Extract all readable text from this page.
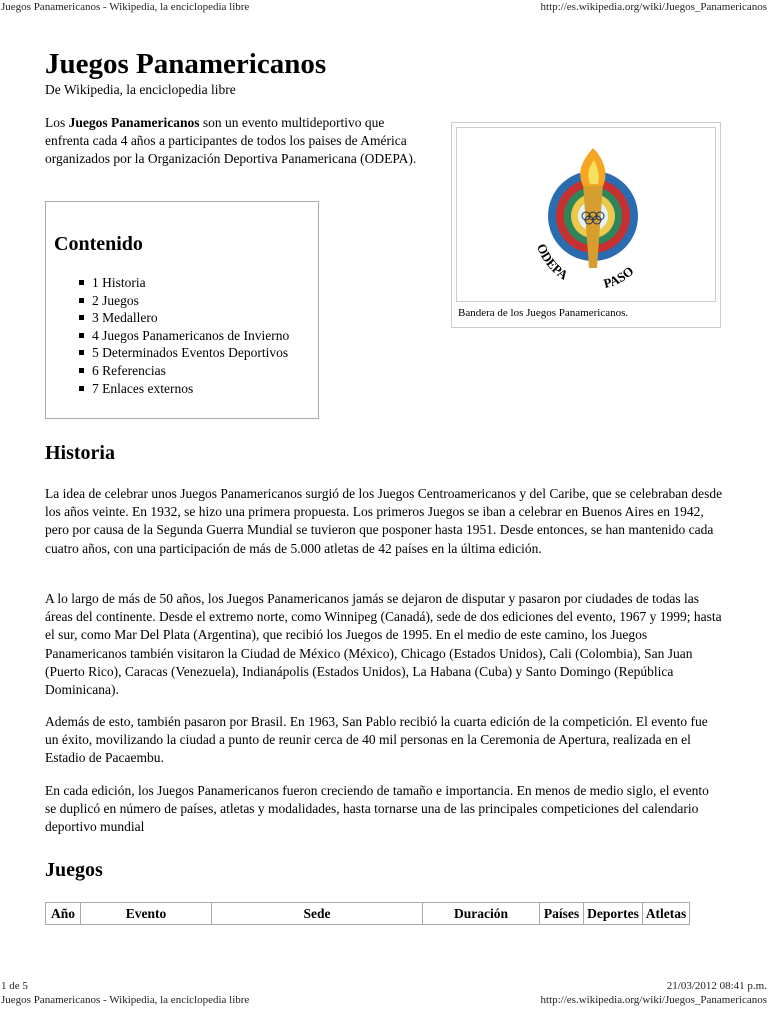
Juegos Panamericanos - Wikipedia, la enciclopedia libre	http://es.wikipedia.org/wiki/Juegos_Panamericanos
Juegos Panamericanos
De Wikipedia, la enciclopedia libre

Los Juegos Panamericanos son un evento multideportivo que enfrenta cada 4 años a participantes de todos los paises de América organizados por la Organización Deportiva Panamericana (ODEPA).

ODEPA
PASO
Bandera de los Juegos Panamericanos.
Contenido
1 Historia
2 Juegos
3 Medallero
4 Juegos Panamericanos de Invierno
5 Determinados Eventos Deportivos
6 Referencias
7 Enlaces externos
Historia

La idea de celebrar unos Juegos Panamericanos surgió de los Juegos Centroamericanos y del Caribe, que se celebraban desde los años veinte. En 1932, se hizo una primera propuesta. Los primeros Juegos se iban a celebrar en Buenos Aires en 1942, pero por causa de la Segunda Guerra Mundial se tuvieron que posponer hasta 1951. Desde entonces, se han mantenido cada cuatro años, con una participación de más de 5.000 atletas de 42 países en la última edición.

A lo largo de más de 50 años, los Juegos Panamericanos jamás se dejaron de disputar y pasaron por ciudades de todas las áreas del continente. Desde el extremo norte, como Winnipeg (Canadá), sede de dos ediciones del evento, 1967 y 1999; hasta el sur, como Mar Del Plata (Argentina), que recibió los Juegos de 1995. En el medio de este camino, los Juegos Panamericanos también visitaron la Ciudad de México (México), Chicago (Estados Unidos), Cali (Colombia), San Juan (Puerto Rico), Caracas (Venezuela), Indianápolis (Estados Unidos), La Habana (Cuba) y Santo Domingo (República Dominicana).

Además de esto, también pasaron por Brasil. En 1963, San Pablo recibió la cuarta edición de la competición. El evento fue un éxito, movilizando la ciudad a punto de reunir cerca de 40 mil personas en la Ceremonia de Apertura, realizada en el Estadio de Pacaembu.

En cada edición, los Juegos Panamericanos fueron creciendo de tamaño e importancia. En menos de medio siglo, el evento se duplicó en número de países, atletas y modalidades, hasta tornarse una de las principales competiciones del calendario deportivo mundial

Juegos
Año	Evento	Sede	Duración	Países	Deportes	Atletas
1 de 5	21/03/2012 08:41 p.m.
Juegos Panamericanos - Wikipedia, la enciclopedia libre	http://es.wikipedia.org/wiki/Juegos_Panamericanos
